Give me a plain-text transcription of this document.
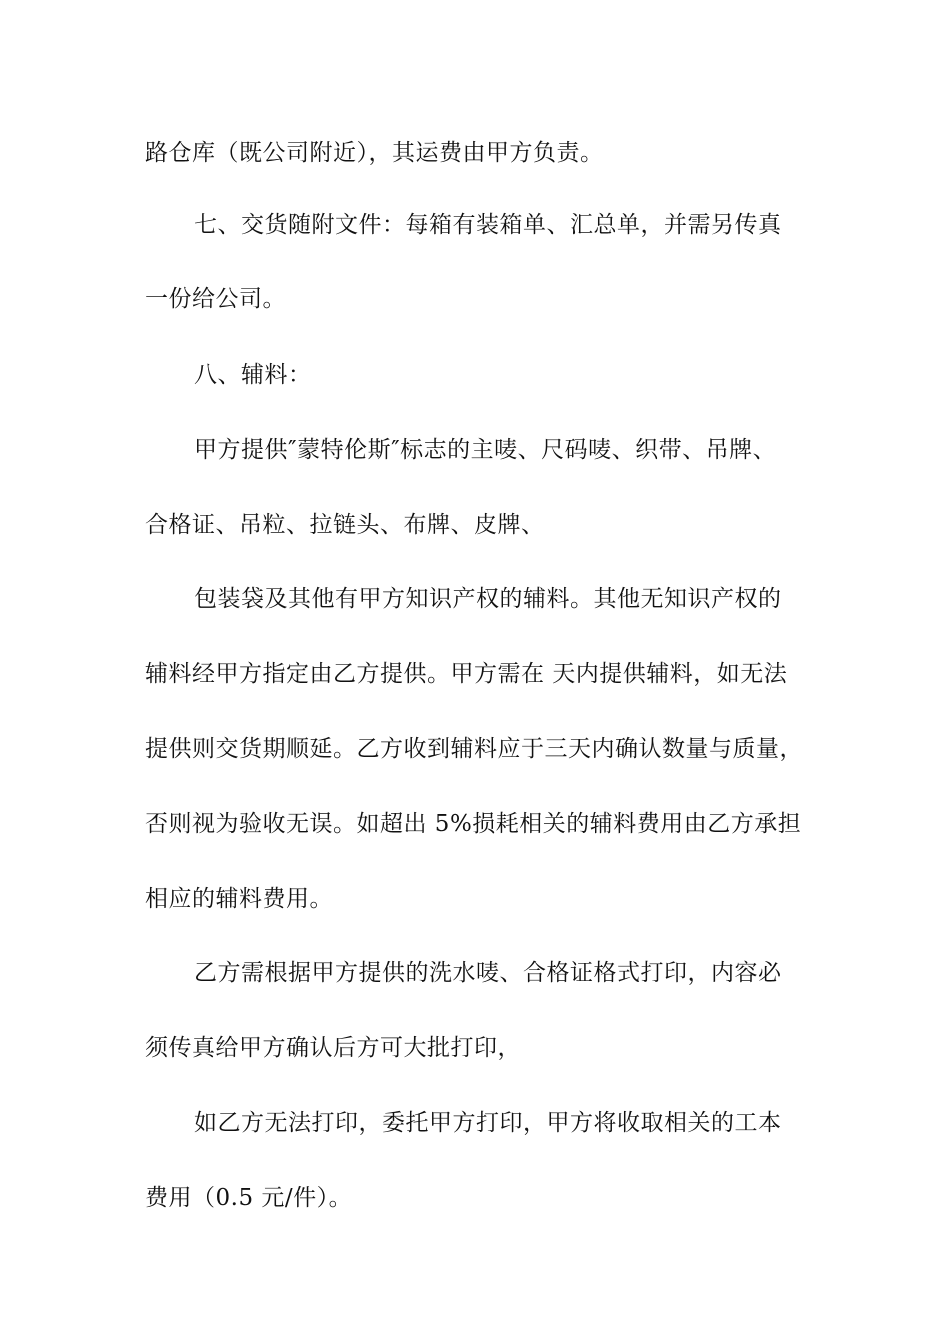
路仓库（既公司附近），其运费由甲方负责。
七、交货随附文件：每箱有装箱单、汇总单，并需另传真
一份给公司。
八、辅料：
甲方提供″蒙特伦斯″标志的主唛、尺码唛、织带、吊牌、
合格证、吊粒、拉链头、布牌、皮牌、
包装袋及其他有甲方知识产权的辅料。其他无知识产权的
辅料经甲方指定由乙方提供。甲方需在 天内提供辅料，如无法
提供则交货期顺延。乙方收到辅料应于三天内确认数量与质量，
否则视为验收无误。如超出 5%损耗相关的辅料费用由乙方承担
相应的辅料费用。
乙方需根据甲方提供的洗水唛、合格证格式打印，内容必
须传真给甲方确认后方可大批打印，
如乙方无法打印，委托甲方打印，甲方将收取相关的工本
费用（0.5 元/件）。
